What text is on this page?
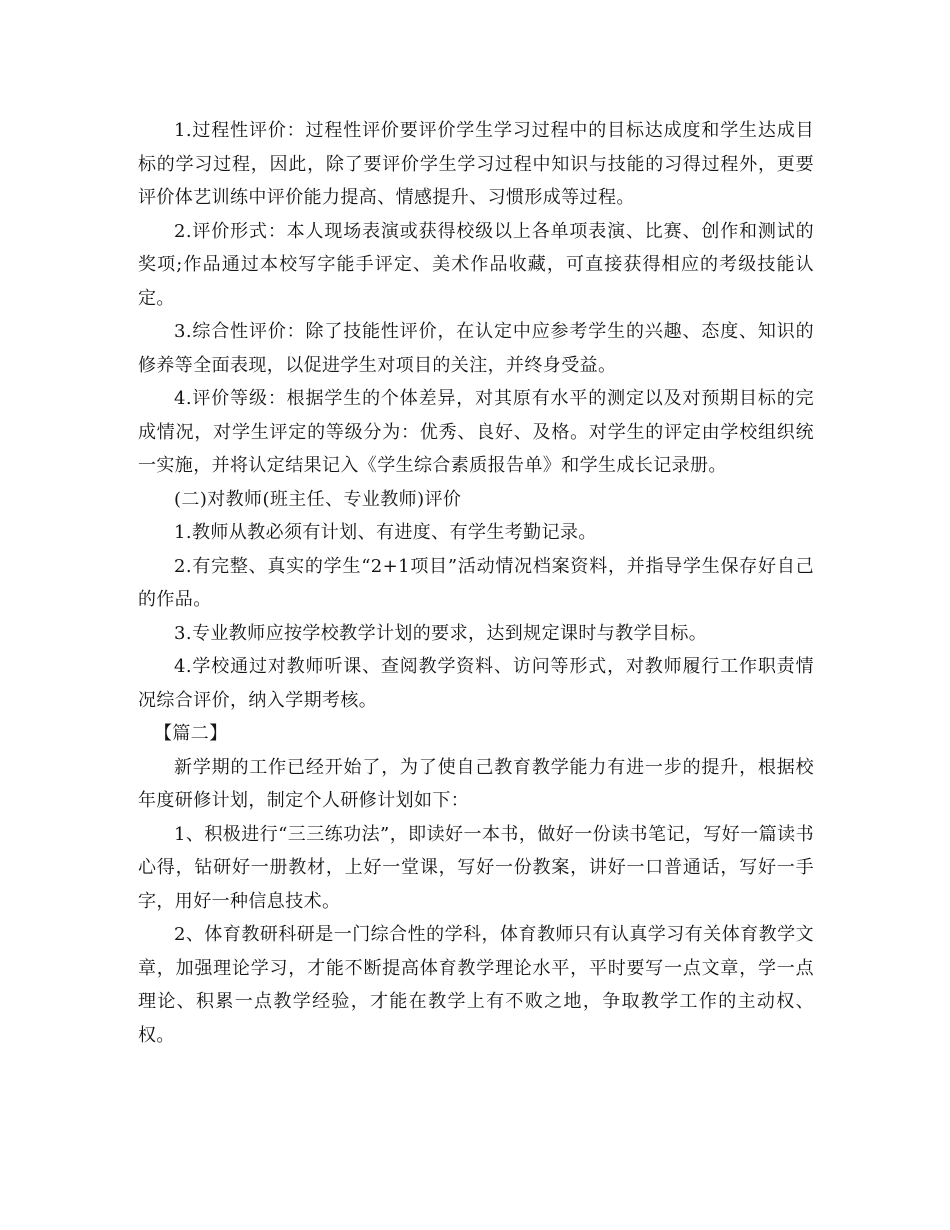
1.过程性评价：过程性评价要评价学生学习过程中的目标达成度和学生达成目标的学习过程，因此，除了要评价学生学习过程中知识与技能的习得过程外，更要评价体艺训练中评价能力提高、情感提升、习惯形成等过程。

2.评价形式：本人现场表演或获得校级以上各单项表演、比赛、创作和测试的奖项;作品通过本校写字能手评定、美术作品收藏，可直接获得相应的考级技能认定。

3.综合性评价：除了技能性评价，在认定中应参考学生的兴趣、态度、知识的修养等全面表现，以促进学生对项目的关注，并终身受益。

4.评价等级：根据学生的个体差异，对其原有水平的测定以及对预期目标的完成情况，对学生评定的等级分为：优秀、良好、及格。对学生的评定由学校组织统一实施，并将认定结果记入《学生综合素质报告单》和学生成长记录册。

(二)对教师(班主任、专业教师)评价

1.教师从教必须有计划、有进度、有学生考勤记录。

2.有完整、真实的学生“2+1项目”活动情况档案资料，并指导学生保存好自己的作品。

3.专业教师应按学校教学计划的要求，达到规定课时与教学目标。

4.学校通过对教师听课、查阅教学资料、访问等形式，对教师履行工作职责情况综合评价，纳入学期考核。

【篇二】

新学期的工作已经开始了，为了使自己教育教学能力有进一步的提升，根据校年度研修计划，制定个人研修计划如下：

1、积极进行“三三练功法”，即读好一本书，做好一份读书笔记，写好一篇读书心得，钻研好一册教材，上好一堂课，写好一份教案，讲好一口普通话，写好一手字，用好一种信息技术。

2、体育教研科研是一门综合性的学科，体育教师只有认真学习有关体育教学文章，加强理论学习，才能不断提高体育教学理论水平，平时要写一点文章，学一点理论、积累一点教学经验，才能在教学上有不败之地，争取教学工作的主动权、权。
